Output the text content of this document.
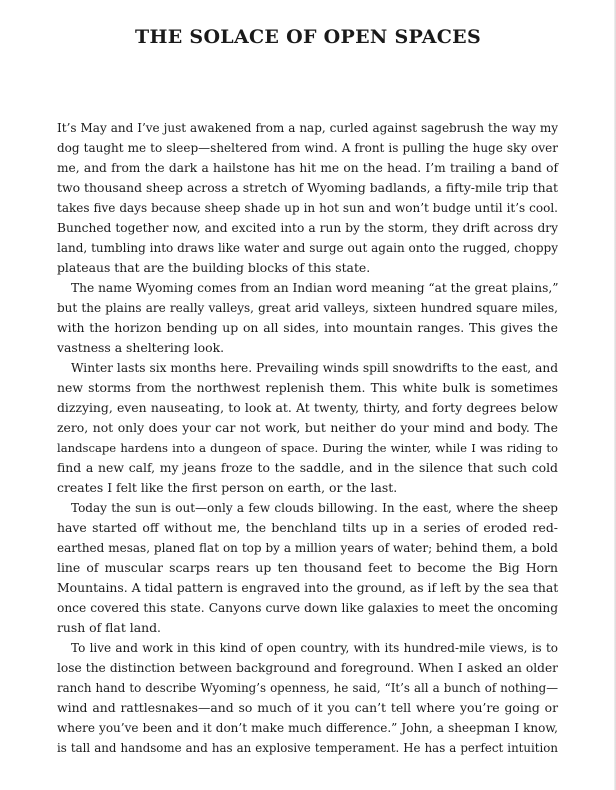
THE SOLACE OF OPEN SPACES
It’s May and I’ve just awakened from a nap, curled against sagebrush the way my
dog taught me to sleep—sheltered from wind. A front is pulling the huge sky over
me, and from the dark a hailstone has hit me on the head. I’m trailing a band of
two thousand sheep across a stretch of Wyoming badlands, a fifty-mile trip that
takes five days because sheep shade up in hot sun and won’t budge until it’s cool.
Bunched together now, and excited into a run by the storm, they drift across dry
land, tumbling into draws like water and surge out again onto the rugged, choppy
plateaus that are the building blocks of this state.
The name Wyoming comes from an Indian word meaning “at the great plains,”
but the plains are really valleys, great arid valleys, sixteen hundred square miles,
with the horizon bending up on all sides, into mountain ranges. This gives the
vastness a sheltering look.
Winter lasts six months here. Prevailing winds spill snowdrifts to the east, and
new storms from the northwest replenish them. This white bulk is sometimes
dizzying, even nauseating, to look at. At twenty, thirty, and forty degrees below
zero, not only does your car not work, but neither do your mind and body. The
landscape hardens into a dungeon of space. During the winter, while I was riding to
find a new calf, my jeans froze to the saddle, and in the silence that such cold
creates I felt like the first person on earth, or the last.
Today the sun is out—only a few clouds billowing. In the east, where the sheep
have started off without me, the benchland tilts up in a series of eroded red-
earthed mesas, planed flat on top by a million years of water; behind them, a bold
line of muscular scarps rears up ten thousand feet to become the Big Horn
Mountains. A tidal pattern is engraved into the ground, as if left by the sea that
once covered this state. Canyons curve down like galaxies to meet the oncoming
rush of flat land.
To live and work in this kind of open country, with its hundred-mile views, is to
lose the distinction between background and foreground. When I asked an older
ranch hand to describe Wyoming’s openness, he said, “It’s all a bunch of nothing—
wind and rattlesnakes—and so much of it you can’t tell where you’re going or
where you’ve been and it don’t make much difference.” John, a sheepman I know,
is tall and handsome and has an explosive temperament. He has a perfect intuition
